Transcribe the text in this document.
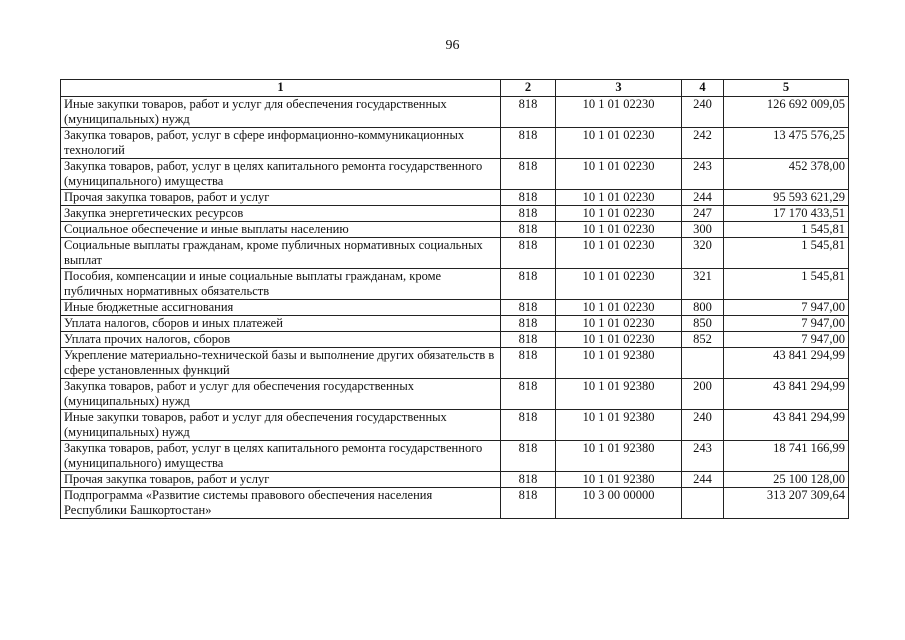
96
1	2	3	4	5
Иные закупки товаров, работ и услуг для обеспечения государственных (муниципальных) нужд	818	10 1 01 02230	240	126 692 009,05
Закупка товаров, работ, услуг в сфере информационно-коммуникационных технологий	818	10 1 01 02230	242	13 475 576,25
Закупка товаров, работ, услуг в целях капитального ремонта государственного (муниципального) имущества	818	10 1 01 02230	243	452 378,00
Прочая закупка товаров, работ и услуг	818	10 1 01 02230	244	95 593 621,29
Закупка энергетических ресурсов	818	10 1 01 02230	247	17 170 433,51
Социальное обеспечение и иные выплаты населению	818	10 1 01 02230	300	1 545,81
Социальные выплаты гражданам, кроме публичных нормативных социальных выплат	818	10 1 01 02230	320	1 545,81
Пособия, компенсации и иные социальные выплаты гражданам, кроме публичных нормативных обязательств	818	10 1 01 02230	321	1 545,81
Иные бюджетные ассигнования	818	10 1 01 02230	800	7 947,00
Уплата налогов, сборов и иных платежей	818	10 1 01 02230	850	7 947,00
Уплата прочих налогов, сборов	818	10 1 01 02230	852	7 947,00
Укрепление материально-технической базы и выполнение других обязательств в сфере установленных функций	818	10 1 01 92380		43 841 294,99
Закупка товаров, работ и услуг для обеспечения государственных (муниципальных) нужд	818	10 1 01 92380	200	43 841 294,99
Иные закупки товаров, работ и услуг для обеспечения государственных (муниципальных) нужд	818	10 1 01 92380	240	43 841 294,99
Закупка товаров, работ, услуг в целях капитального ремонта государственного (муниципального) имущества	818	10 1 01 92380	243	18 741 166,99
Прочая закупка товаров, работ и услуг	818	10 1 01 92380	244	25 100 128,00
Подпрограмма «Развитие системы правового обеспечения населения Республики Башкортостан»	818	10 3 00 00000		313 207 309,64
